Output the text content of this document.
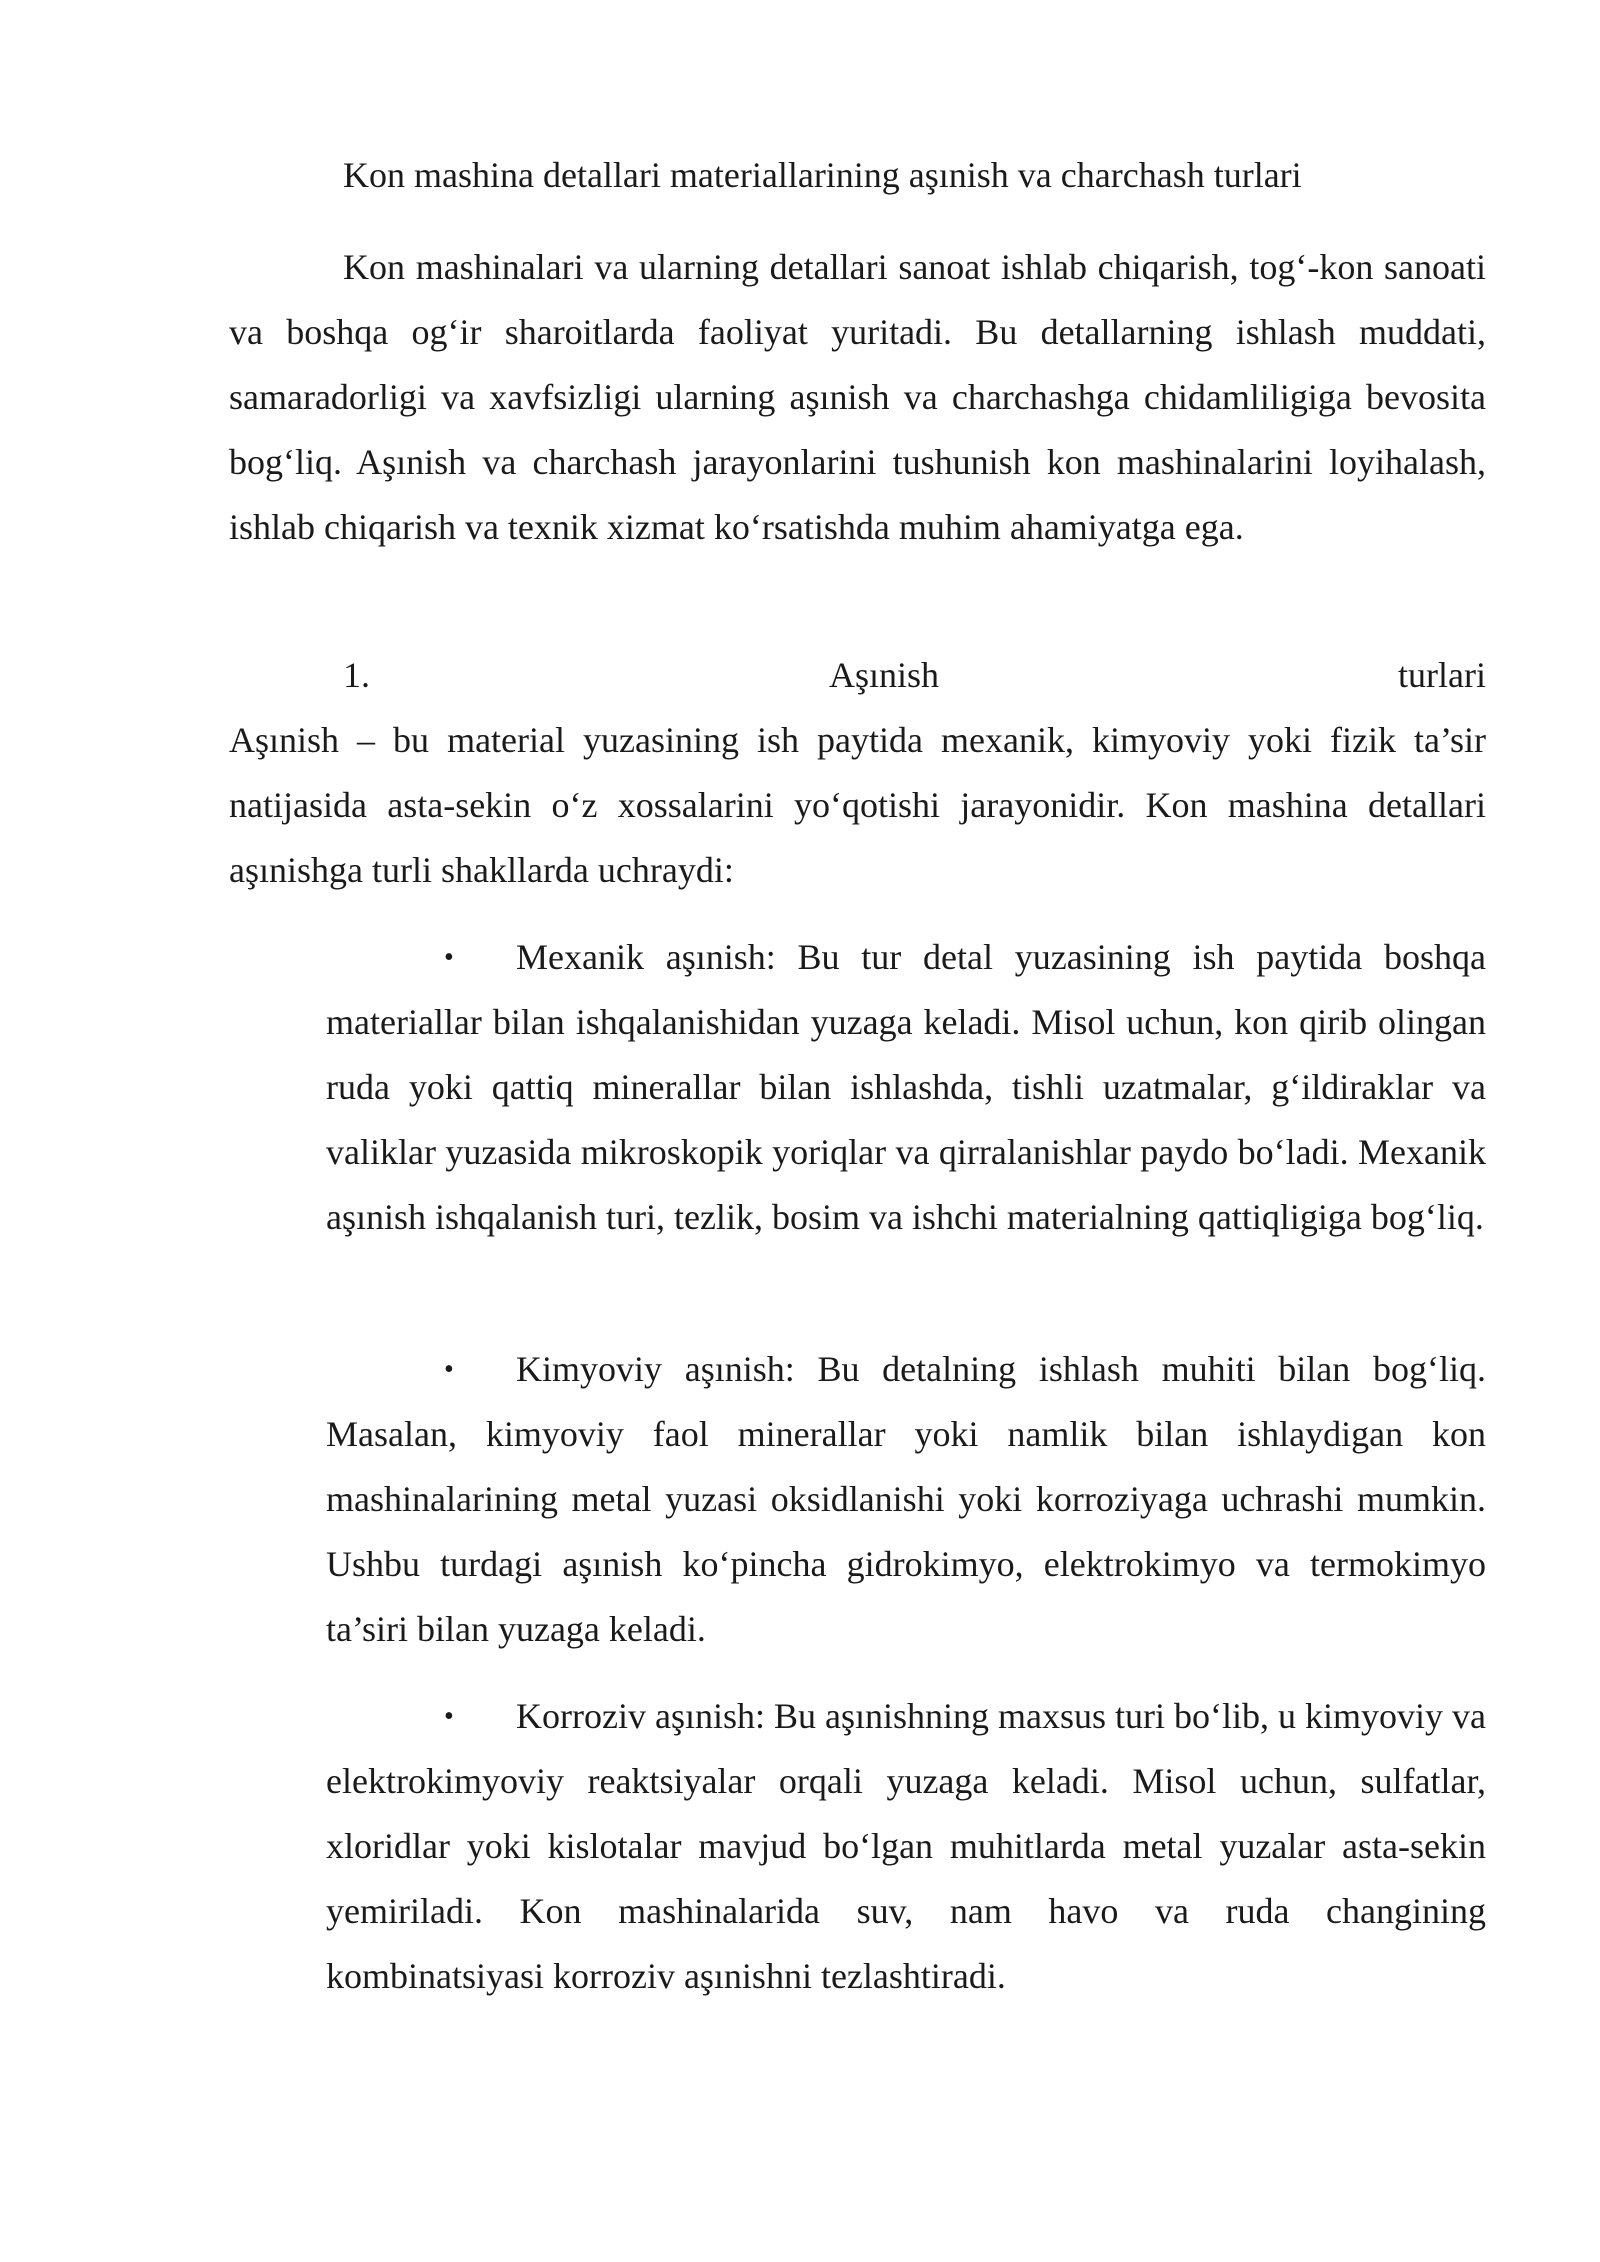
Kon mashina detallari materiallarining aşınish va charchash turlari

Kon mashinalari va ularning detallari sanoat ishlab chiqarish, tog‘-kon sanoati va boshqa og‘ir sharoitlarda faoliyat yuritadi. Bu detallarning ishlash muddati, samaradorligi va xavfsizligi ularning aşınish va charchashga chidamliligiga bevosita bog‘liq. Aşınish va charchash jarayonlarini tushunish kon mashinalarini loyihalash, ishlab chiqarish va texnik xizmat ko‘rsatishda muhim ahamiyatga ega.

1.	Aşınish	turlari

Aşınish – bu material yuzasining ish paytida mexanik, kimyoviy yoki fizik ta’sir natijasida asta-sekin o‘z xossalarini yo‘qotishi jarayonidir. Kon mashina detallari aşınishga turli shakllarda uchraydi:

•	Mexanik aşınish: Bu tur detal yuzasining ish paytida boshqa materiallar bilan ishqalanishidan yuzaga keladi. Misol uchun, kon qirib olingan ruda yoki qattiq minerallar bilan ishlashda, tishli uzatmalar, g‘ildiraklar va valiklar yuzasida mikroskopik yoriqlar va qirralanishlar paydo bo‘ladi. Mexanik aşınish ishqalanish turi, tezlik, bosim va ishchi materialning qattiqligiga bog‘liq.

•	Kimyoviy aşınish: Bu detalning ishlash muhiti bilan bog‘liq. Masalan, kimyoviy faol minerallar yoki namlik bilan ishlaydigan kon mashinalarining metal yuzasi oksidlanishi yoki korroziyaga uchrashi mumkin. Ushbu turdagi aşınish ko‘pincha gidrokimyo, elektrokimyo va termokimyo ta’siri bilan yuzaga keladi.

•	Korroziv aşınish: Bu aşınishning maxsus turi bo‘lib, u kimyoviy va elektrokimyoviy reaktsiyalar orqali yuzaga keladi. Misol uchun, sulfatlar, xloridlar yoki kislotalar mavjud bo‘lgan muhitlarda metal yuzalar asta-sekin yemiriladi. Kon mashinalarida suv, nam havo va ruda changining kombinatsiyasi korroziv aşınishni tezlashtiradi.
